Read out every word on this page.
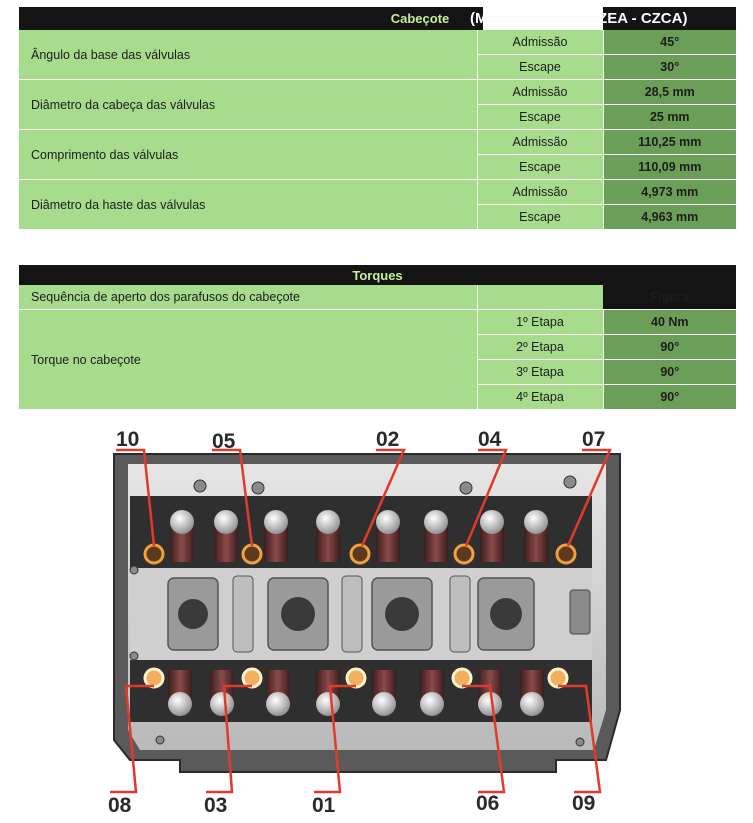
	Cabeçote	(MOTOR CPTA - CZEA - CZCA)
Ângulo da base das válvulas	Admissão	45°
Escape	30°
Diâmetro da cabeça das válvulas	Admissão	28,5 mm
Escape	25 mm
Comprimento das válvulas	Admissão	110,25 mm
Escape	110,09 mm
Diâmetro da haste das válvulas	Admissão	4,973 mm
Escape	4,963 mm
Torques		
Sequência de aperto dos parafusos do cabeçote		Figura
Torque no cabeçote	1º Etapa	40 Nm
	2º Etapa	90°
	3º Etapa	90°
	4º Etapa	90°
10	05	02	04	07
08	03	01	06	09
